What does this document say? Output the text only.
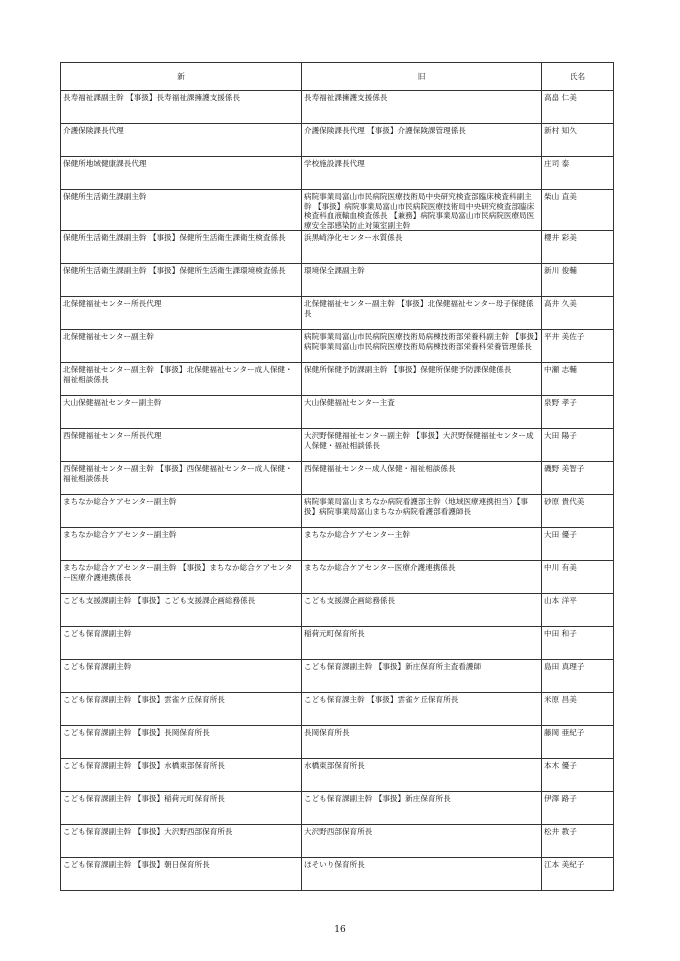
新	旧	氏名
長寿福祉課副主幹 【事扱】長寿福祉課擁護支援係長	長寿福祉課擁護支援係長	高畠 仁美
介護保険課長代理	介護保険課長代理 【事扱】介護保険課管理係長	新村 知久
保健所地域健康課長代理	学校施設課長代理	庄司 泰
保健所生活衛生課副主幹	病院事業局富山市民病院医療技術局中央研究検査部臨床検査科副主幹 【事扱】病院事業局富山市民病院医療技術局中央研究検査部臨床検査科血液輸血検査係長 【兼務】病院事業局富山市民病院医療局医療安全部感染防止対策室副主幹	柴山 直美
保健所生活衛生課副主幹 【事扱】保健所生活衛生課衛生検査係長	浜黒崎浄化センター水質係長	櫻井 彩美
保健所生活衛生課副主幹 【事扱】保健所生活衛生課環境検査係長	環境保全課副主幹	新川 俊輔
北保健福祉センター所長代理	北保健福祉センター副主幹 【事扱】北保健福祉センター母子保健係長	高井 久美
北保健福祉センター副主幹	病院事業局富山市民病院医療技術局病棟技術部栄養科副主幹 【事扱】病院事業局富山市民病院医療技術局病棟技術部栄養科栄養管理係長	平井 美佐子
北保健福祉センター副主幹 【事扱】北保健福祉センター成人保健・福祉相談係長	保健所保健予防課副主幹 【事扱】保健所保健予防課保健係長	中瀬 志輔
大山保健福祉センター副主幹	大山保健福祉センター主査	泉野 孝子
西保健福祉センター所長代理	大沢野保健福祉センター副主幹 【事扱】大沢野保健福祉センター成人保健・福祉相談係長	大田 陽子
西保健福祉センター副主幹 【事扱】西保健福祉センター成人保健・福祉相談係長	西保健福祉センター成人保健・福祉相談係長	磯野 美智子
まちなか総合ケアセンター副主幹	病院事業局富山まちなか病院看護部主幹（地域医療連携担当）【事扱】病院事業局富山まちなか病院看護部看護師長	砂原 貴代美
まちなか総合ケアセンター副主幹	まちなか総合ケアセンター主幹	大田 優子
まちなか総合ケアセンター副主幹 【事扱】まちなか総合ケアセンター医療介護連携係長	まちなか総合ケアセンター医療介護連携係長	中川 有美
こども支援課副主幹 【事扱】こども支援課企画総務係長	こども支援課企画総務係長	山本 洋平
こども保育課副主幹	稲荷元町保育所長	中田 和子
こども保育課副主幹	こども保育課副主幹 【事扱】新庄保育所主査看護師	島田 真理子
こども保育課副主幹 【事扱】雲雀ケ丘保育所長	こども保育課主幹 【事扱】雲雀ケ丘保育所長	米原 昌美
こども保育課副主幹 【事扱】長岡保育所長	長岡保育所長	藤岡 亜紀子
こども保育課副主幹 【事扱】水橋東部保育所長	水橋東部保育所長	本木 優子
こども保育課副主幹 【事扱】稲荷元町保育所長	こども保育課副主幹 【事扱】新庄保育所長	伊澤 路子
こども保育課副主幹 【事扱】大沢野西部保育所長	大沢野西部保育所長	松井 教子
こども保育課副主幹 【事扱】朝日保育所長	ほそいり保育所長	江本 美紀子
16
